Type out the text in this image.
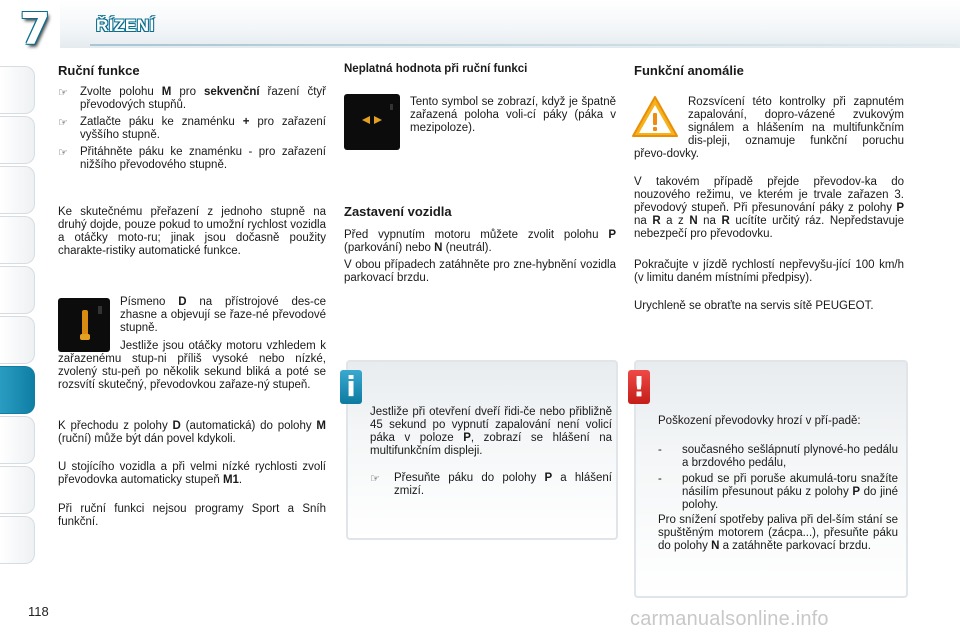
7	ŘÍZENÍ
Ruční funkce
☞	Zvolte polohu M pro sekvenční řazení čtyř převodových stupňů.
☞	Zatlačte páku ke znaménku + pro zařazení vyššího stupně.
☞	Přitáhněte páku ke znaménku - pro zařazení nižšího převodového stupně.
Ke skutečnému přeřazení z jednoho stupně na druhý dojde, pouze pokud to umožní rychlost vozidla a otáčky moto-ru; jinak jsou dočasně použity charakte-ristiky automatické funkce.
Písmeno D na přístrojové des-ce zhasne a objevují se řaze-né převodové stupně.
Jestliže jsou otáčky motoru vzhledem k zařazenému stup-ni příliš vysoké nebo nízké, zvolený stu-peň po několik sekund bliká a poté se rozsvítí skutečný, převodovkou zařaze-ný stupeň.
K přechodu z polohy D (automatická) do polohy M (ruční) může být dán povel kdykoli.
U stojícího vozidla a při velmi nízké rychlosti zvolí převodovka automaticky stupeň M1.
Při ruční funkci nejsou programy Sport a Sníh funkční.
Neplatná hodnota při ruční funkci
Tento symbol se zobrazí, když je špatně zařazená poloha voli-cí páky (páka v mezipoloze).
Zastavení vozidla
Před vypnutím motoru můžete zvolit polohu P (parkování) nebo N (neutrál).
V obou případech zatáhněte pro zne-hybnění vozidla parkovací brzdu.
i
Jestliže při otevření dveří řidi-če nebo přibližně 45 sekund po vypnutí zapalování není volicí páka v poloze P, zobrazí se hlášení na multifunkčním displeji.
☞	Přesuňte páku do polohy P a hlášení zmizí.
Funkční anomálie
Rozsvícení této kontrolky při zapnutém zapalování, dopro-vázené zvukovým signálem a hlášením na multifunkčním dis-pleji, oznamuje funkční poruchu převo-dovky.
V takovém případě přejde převodov-ka do nouzového režimu, ve kterém je trvale zařazen 3. převodový stupeň. Při přesunování páky z polohy P na R a z N na R ucítíte určitý ráz. Nepředstavuje nebezpečí pro převodovku.
Pokračujte v jízdě rychlostí nepřevyšu-jící 100 km/h (v limitu daném místními předpisy).
Urychleně se obraťte na servis sítě PEUGEOT.
!
Poškození převodovky hrozí v pří-padě:
-	současného sešlápnutí plynové-ho pedálu a brzdového pedálu,
-	pokud se při poruše akumulá-toru snažíte násilím přesunout páku z polohy P do jiné polohy.
Pro snížení spotřeby paliva při del-ším stání se spuštěným motorem (zácpa...), přesuňte páku do polohy N a zatáhněte parkovací brzdu.
118	carmanualsonline.info
